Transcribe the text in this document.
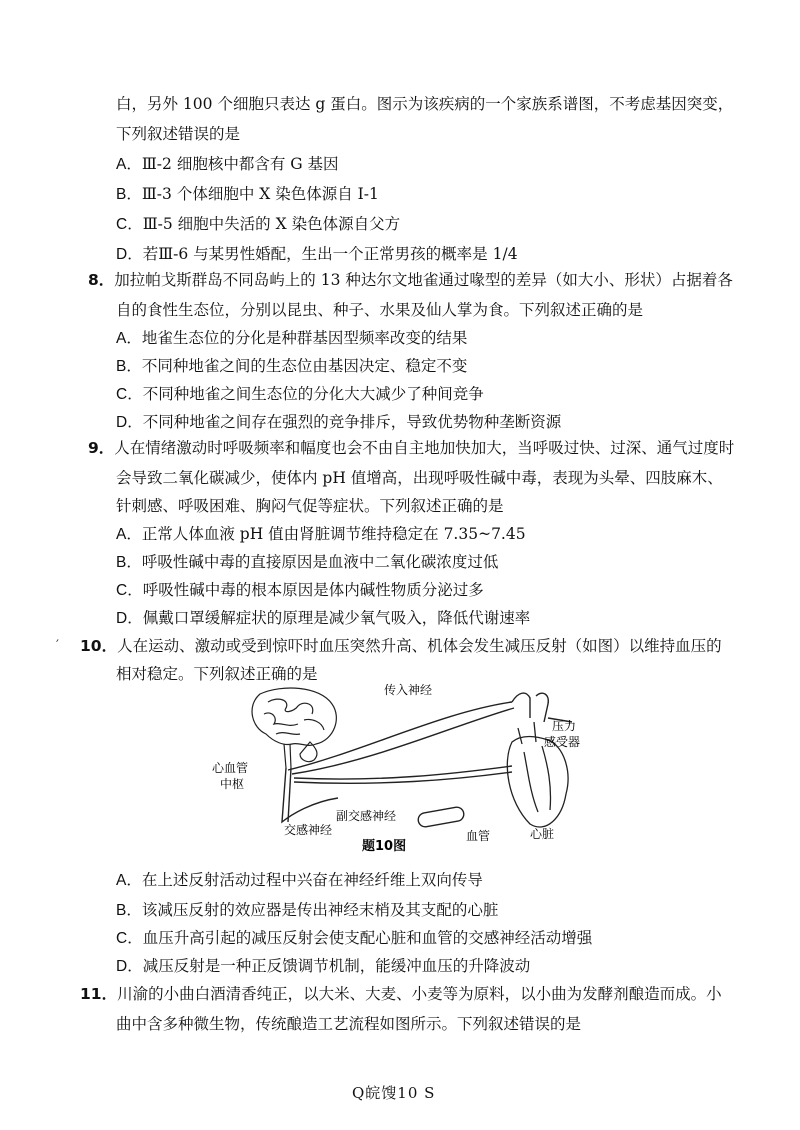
白，另外 100 个细胞只表达 g 蛋白。图示为该疾病的一个家族系谱图，不考虑基因突变，
下列叙述错误的是
A．Ⅲ-2 细胞核中都含有 G 基因
B．Ⅲ-3 个体细胞中 X 染色体源自 I-1
C．Ⅲ-5 细胞中失活的 X 染色体源自父方
D．若Ⅲ-6 与某男性婚配，生出一个正常男孩的概率是 1/4
8．加拉帕戈斯群岛不同岛屿上的 13 种达尔文地雀通过喙型的差异（如大小、形状）占据着各
自的食性生态位，分别以昆虫、种子、水果及仙人掌为食。下列叙述正确的是
A．地雀生态位的分化是种群基因型频率改变的结果
B．不同种地雀之间的生态位由基因决定、稳定不变
C．不同种地雀之间生态位的分化大大减少了种间竞争
D．不同种地雀之间存在强烈的竞争排斥，导致优势物种垄断资源
9．人在情绪激动时呼吸频率和幅度也会不由自主地加快加大，当呼吸过快、过深、通气过度时
会导致二氧化碳减少，使体内 pH 值增高，出现呼吸性碱中毒，表现为头晕、四肢麻木、
针刺感、呼吸困难、胸闷气促等症状。下列叙述正确的是
A．正常人体血液 pH 值由肾脏调节维持稳定在 7.35~7.45
B．呼吸性碱中毒的直接原因是血液中二氧化碳浓度过低
C．呼吸性碱中毒的根本原因是体内碱性物质分泌过多
D．佩戴口罩缓解症状的原理是减少氧气吸入，降低代谢速率
′ 10．人在运动、激动或受到惊吓时血压突然升高、机体会发生减压反射（如图）以维持血压的
相对稳定。下列叙述正确的是
传入神经
压力
感受器
心血管
中枢
副交感神经
交感神经	血管	心脏
题10图
A．在上述反射活动过程中兴奋在神经纤维上双向传导
B．该减压反射的效应器是传出神经末梢及其支配的心脏
C．血压升高引起的减压反射会使支配心脏和血管的交感神经活动增强
D．减压反射是一种正反馈调节机制，能缓冲血压的升降波动
11．川渝的小曲白酒清香纯正，以大米、大麦、小麦等为原料，以小曲为发酵剂酿造而成。小
曲中含多种微生物，传统酿造工艺流程如图所示。下列叙述错误的是
Q皖馊10 S
